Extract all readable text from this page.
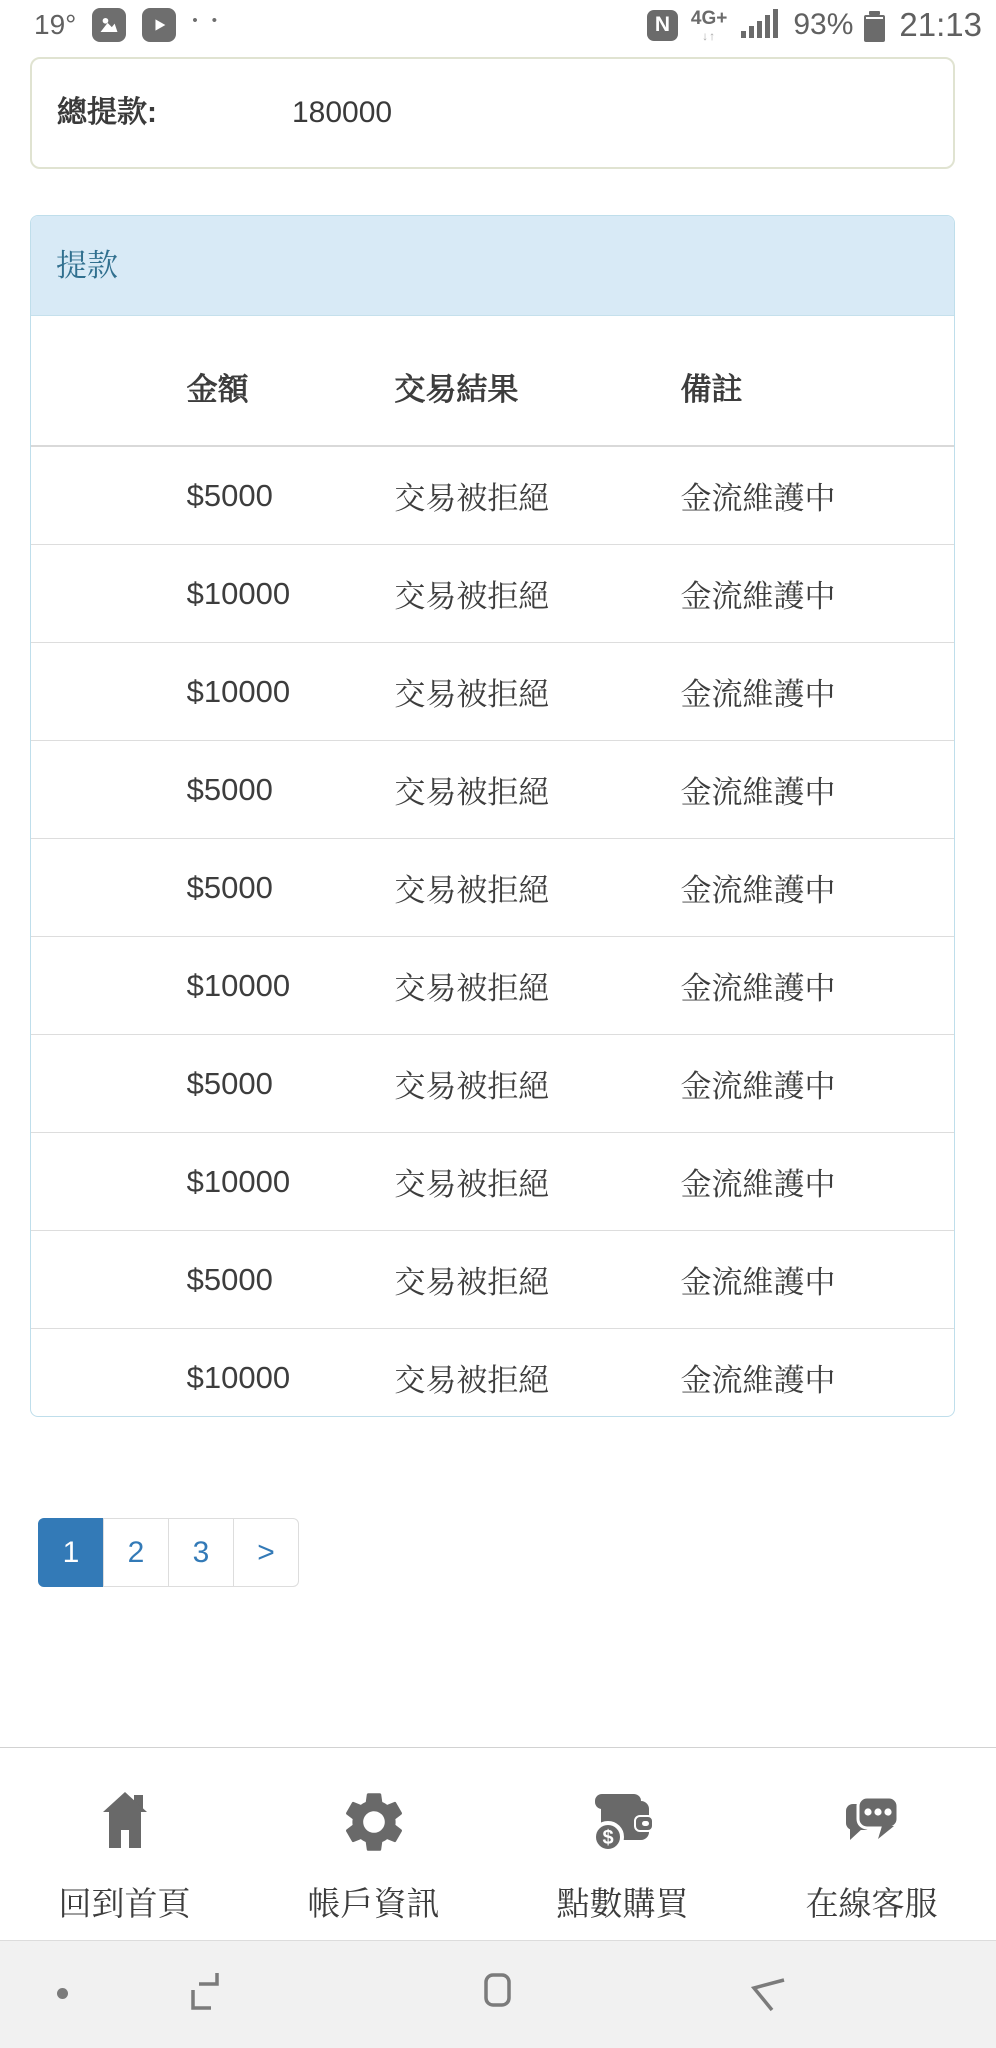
19°	• •	N	4G+
↓↑	93% 21:13
總提款:	180000
提款
	金額	交易結果	備註
	$5000	交易被拒絕	金流維護中
	$10000	交易被拒絕	金流維護中
	$10000	交易被拒絕	金流維護中
	$5000	交易被拒絕	金流維護中
	$5000	交易被拒絕	金流維護中
	$10000	交易被拒絕	金流維護中
	$5000	交易被拒絕	金流維護中
	$10000	交易被拒絕	金流維護中
	$5000	交易被拒絕	金流維護中
	$10000	交易被拒絕	金流維護中
1	2	3	>
回到首頁	帳戶資訊
$
點數購買	在線客服
